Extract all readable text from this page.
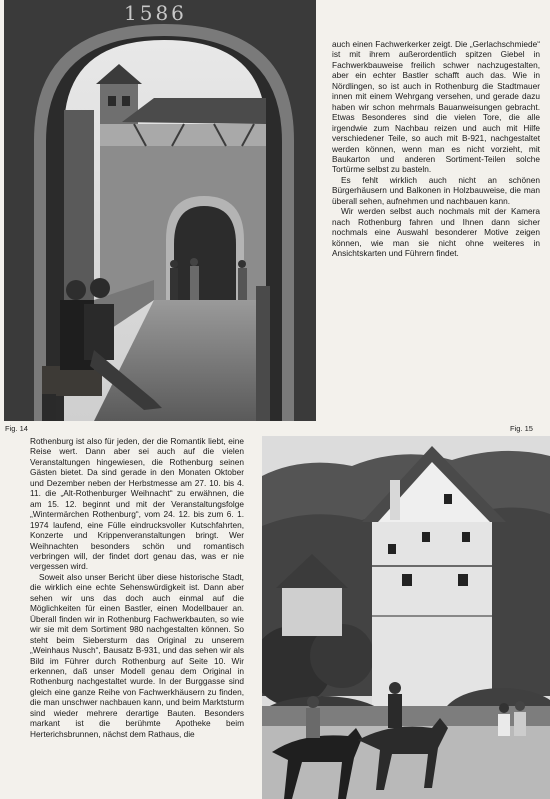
1586
Fig. 14	Fig. 15

auch einen Fachwerkerker zeigt. Die „Gerlachschmiede“ ist mit ihrem außerordentlich spitzen Giebel in Fachwerkbauweise freilich schwer nachzugestalten, aber ein echter Bastler schafft auch das. Wie in Nördlingen, so ist auch in Rothenburg die Stadtmauer innen mit einem Wehrgang versehen, und gerade dazu haben wir schon mehrmals Bauanweisungen gebracht. Etwas Besonderes sind die vielen Tore, die alle irgendwie zum Nachbau reizen und auch mit Hilfe verschiedener Teile, so auch mit B-921, nachgestaltet werden können, wenn man es nicht vorzieht, mit Baukarton und anderen Sortiment-Teilen solche Tortürme selbst zu basteln.

Es fehlt wirklich auch nicht an schönen Bürgerhäusern und Balkonen in Holzbauweise, die man überall sehen, aufnehmen und nachbauen kann.

Wir werden selbst auch nochmals mit der Kamera nach Rothenburg fahren und Ihnen dann sicher nochmals eine Auswahl besonderer Motive zeigen können, wie man sie nicht ohne weiteres in Ansichtskarten und Führern findet.

Rothenburg ist also für jeden, der die Romantik liebt, eine Reise wert. Dann aber sei auch auf die vielen Veranstaltungen hingewiesen, die Rothenburg seinen Gästen bietet. Da sind gerade in den Monaten Oktober und Dezember neben der Herbstmesse am 27. 10. bis 4. 11. die „Alt-Rothenburger Weihnacht“ zu erwähnen, die am 15. 12. beginnt und mit der Veranstaltungsfolge „Wintermärchen Rothenburg“, vom 24. 12. bis zum 6. 1. 1974 laufend, eine Fülle eindrucksvoller Kutschfahrten, Konzerte und Krippenveranstaltungen bringt. Wer Weihnachten besonders schön und romantisch verbringen will, der findet dort genau das, was er nie vergessen wird.

Soweit also unser Bericht über diese historische Stadt, die wirklich eine echte Sehenswürdigkeit ist. Dann aber sehen wir uns das doch auch einmal auf die Möglichkeiten für einen Bastler, einen Modellbauer an. Überall finden wir in Rothenburg Fachwerkbauten, so wie wir sie mit dem Sortiment 980 nachgestalten können. So steht beim Siebersturm das Original zu unserem „Weinhaus Nusch“, Bausatz B-931, und das sehen wir als Bild im Führer durch Rothenburg auf Seite 10. Wir erkennen, daß unser Modell genau dem Original in Rothenburg nachgestaltet wurde. In der Burggasse sind gleich eine ganze Reihe von Fachwerkhäusern zu finden, die man unschwer nachbauen kann, und beim Marktsturm sind wieder mehrere derartige Bauten. Besonders markant ist die berühmte Apotheke beim Herterichsbrunnen, nächst dem Rathaus, die
